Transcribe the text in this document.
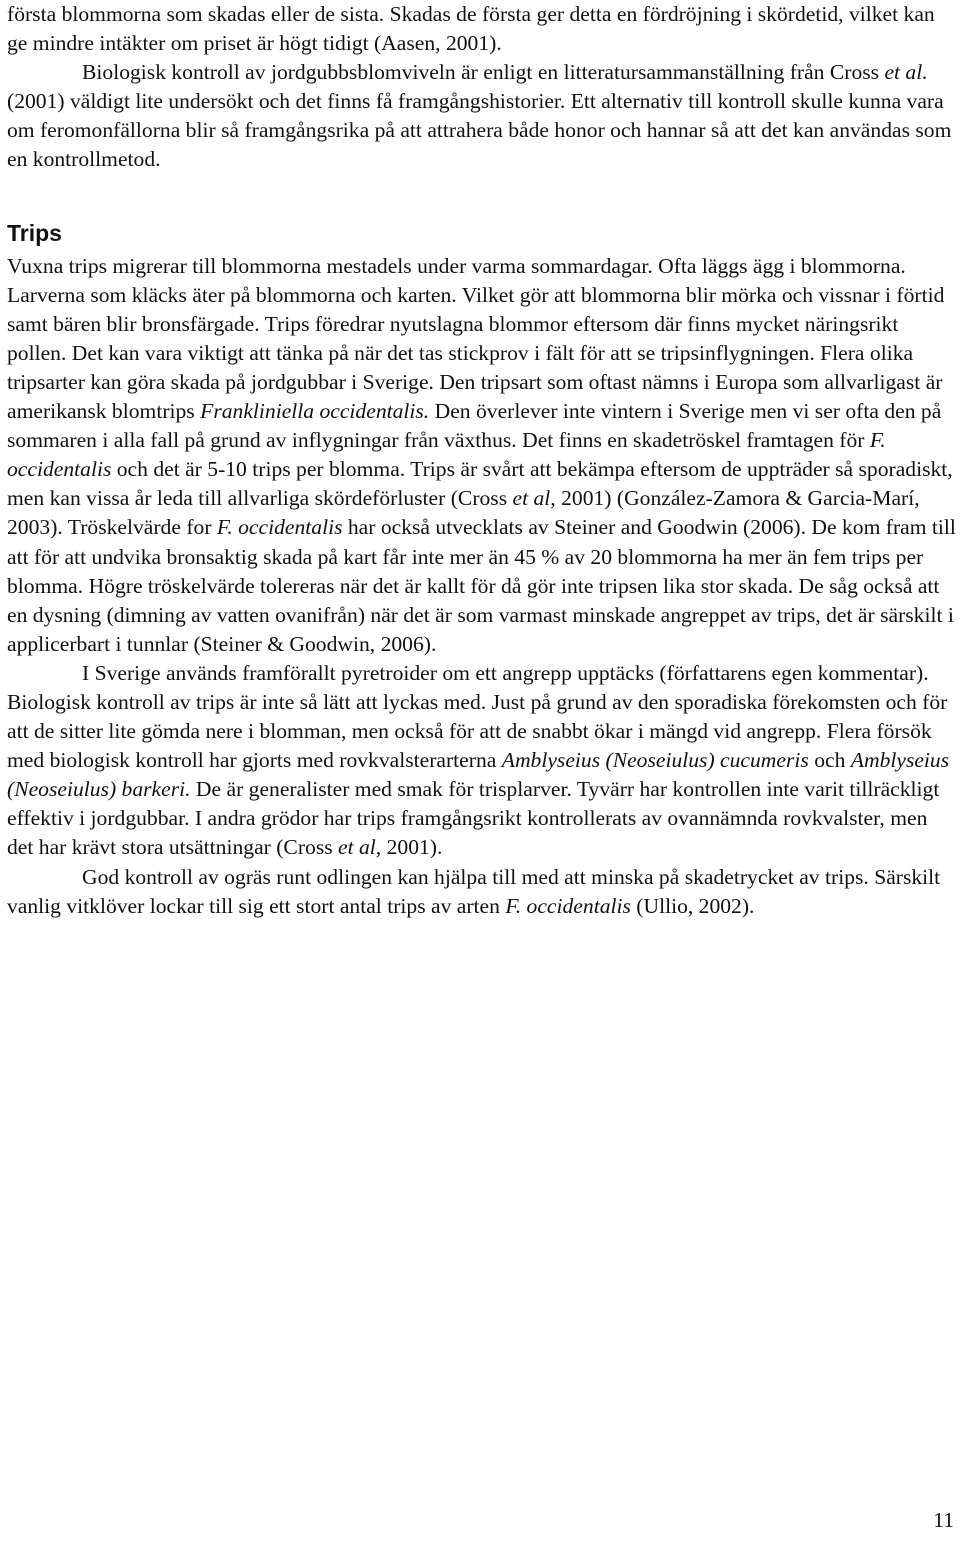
första blommorna som skadas eller de sista. Skadas de första ger detta en fördröjning i skördetid, vilket kan ge mindre intäkter om priset är högt tidigt (Aasen, 2001).

Biologisk kontroll av jordgubbsblomviveln är enligt en litteratursammanställning från Cross et al. (2001) väldigt lite undersökt och det finns få framgångshistorier. Ett alternativ till kontroll skulle kunna vara om feromonfällorna blir så framgångsrika på att attrahera både honor och hannar så att det kan användas som en kontrollmetod.

Trips

Vuxna trips migrerar till blommorna mestadels under varma sommardagar. Ofta läggs ägg i blommorna. Larverna som kläcks äter på blommorna och karten. Vilket gör att blommorna blir mörka och vissnar i förtid samt bären blir bronsfärgade. Trips föredrar nyutslagna blommor eftersom där finns mycket näringsrikt pollen. Det kan vara viktigt att tänka på när det tas stickprov i fält för att se tripsinflygningen. Flera olika tripsarter kan göra skada på jordgubbar i Sverige. Den tripsart som oftast nämns i Europa som allvarligast är amerikansk blomtrips Frankliniella occidentalis. Den överlever inte vintern i Sverige men vi ser ofta den på sommaren i alla fall på grund av inflygningar från växthus. Det finns en skadetröskel framtagen för F. occidentalis och det är 5-10 trips per blomma. Trips är svårt att bekämpa eftersom de uppträder så sporadiskt, men kan vissa år leda till allvarliga skördeförluster (Cross et al, 2001) (González-Zamora & Garcia-Marí, 2003). Tröskelvärde for F. occidentalis har också utvecklats av Steiner and Goodwin (2006). De kom fram till att för att undvika bronsaktig skada på kart får inte mer än 45 % av 20 blommorna ha mer än fem trips per blomma. Högre tröskelvärde tolereras när det är kallt för då gör inte tripsen lika stor skada. De såg också att en dysning (dimning av vatten ovanifrån) när det är som varmast minskade angreppet av trips, det är särskilt i applicerbart i tunnlar (Steiner & Goodwin, 2006).

I Sverige används framförallt pyretroider om ett angrepp upptäcks (författarens egen kommentar). Biologisk kontroll av trips är inte så lätt att lyckas med. Just på grund av den sporadiska förekomsten och för att de sitter lite gömda nere i blomman, men också för att de snabbt ökar i mängd vid angrepp. Flera försök med biologisk kontroll har gjorts med rovkvalsterarterna Amblyseius (Neoseiulus) cucumeris och Amblyseius (Neoseiulus) barkeri. De är generalister med smak för trisplarver. Tyvärr har kontrollen inte varit tillräckligt effektiv i jordgubbar. I andra grödor har trips framgångsrikt kontrollerats av ovannämnda rovkvalster, men det har krävt stora utsättningar (Cross et al, 2001).

God kontroll av ogräs runt odlingen kan hjälpa till med att minska på skadetrycket av trips. Särskilt vanlig vitklöver lockar till sig ett stort antal trips av arten F. occidentalis (Ullio, 2002).

11
